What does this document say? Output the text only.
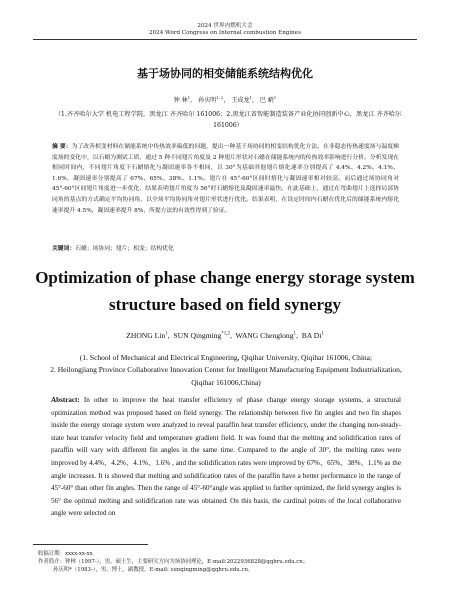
2024 世界内燃机大会
2024 Word Congress on Internal combustion Engines
基于场协同的相变储能系统结构优化
钟 林$^1$， 孙庆明$^{1, 2}$， 王成龙$^1$， 巴 峭$^1$
（1.齐齐哈尔大学 机电工程学院，黑龙江 齐齐哈尔 161006；2.黑龙江省智能制造装备产业化协同创新中心，黑龙江 齐齐哈尔 161006）
摘 要：为了改善相变材料在储能系统中传热效率偏低的问题，提出一种基于场协同的相变结构优化方法。在非稳态传热速度场与温度梯度场的变化中，以石蜡为测试工质，通过 5 种不同翅片角度及 2 种翅片形状对石蜡在储能系统内的传热效率影响进行分析。分析发现在相同时间内，不同翅片角度下石蜡熔化与凝固速率各不相同，以 30°为基础其他翅片熔化速率分别提高了 4.4%、4.2%、4.1%、1.6%，凝固速率分别提高了 67%、65%、38%、1.1%。翅片在 45°-60°区间时熔化与凝固速率相对较高。而后通过场协同角对 45°-60°区间翅片角度进一步优化，结果表明翅片角度为 56°时石蜡熔化及凝固速率最快。在此基础上，通过在弯曲翅片上选择局部协同角的基点的方式确定平均协同角，以全场平均协同角对翅片形状进行优化。结果表明，在设定时间内石蜡在优化后的储能系统内熔化速率提升 4.5%，凝固速率提升 8%，所提方法的有效性得到了验证。
关键词：石蜡；场协同；翅片；相变；结构优化
Optimization of phase change energy storage system
structure based on field synergy
ZHONG Lin$^1$,  SUN Qingming$^{*1,2}$,  WANG Chenglong$^1$,  BA Di$^1$
(1. School of Mechanical and Electrical Engineering, Qiqihar University, Qiqihar 161006, China;
2. Heilongjiang Province Collaborative Innovation Center for Intelligent Manufacturing Equipment Industrialization, Qiqihar 161006,China)
Abstract: In other to improve the heat transfer efficiency of phase change energy storage systems, a structural optimization method was proposed based on field synergy. The relationship between five fin angles and two fin shapes inside the energy storage system were analyzed to reveal paraffin heat transfer efficiency, under the changing non-steady-state heat transfer velocity field and temperature gradient field. It was found that the melting and solidification rates of paraffin will vary with different fin angles in the same time. Compared to the angle of 30°, the melting rates were improved by 4.4%、4.2%、4.1%、1.6% , and the solidification rates were improved by 67%、65%、38%、1.1% as the angle increases. It is showed that melting and solidification rates of the paraffin have a better performance in the range of 45°-60° than other fin angles. Then the range of 45°-60°angle was applied to further optimized, the field synergy angles is 56° the optimal melting and solidification rate was obtained. On this basis, the cardinal points of the local collaborative angle were selected on
收稿日期：xxxx-xx-xx
作者简介：钟林（1997-），男，硕士生，主要研究方向为场协同理论，E-mail:2022936828@qqhru.edu.cn；
孙庆明*（1983-），男，博士，副教授，E-mail: sunqingming@qqhru.edu.cn。
